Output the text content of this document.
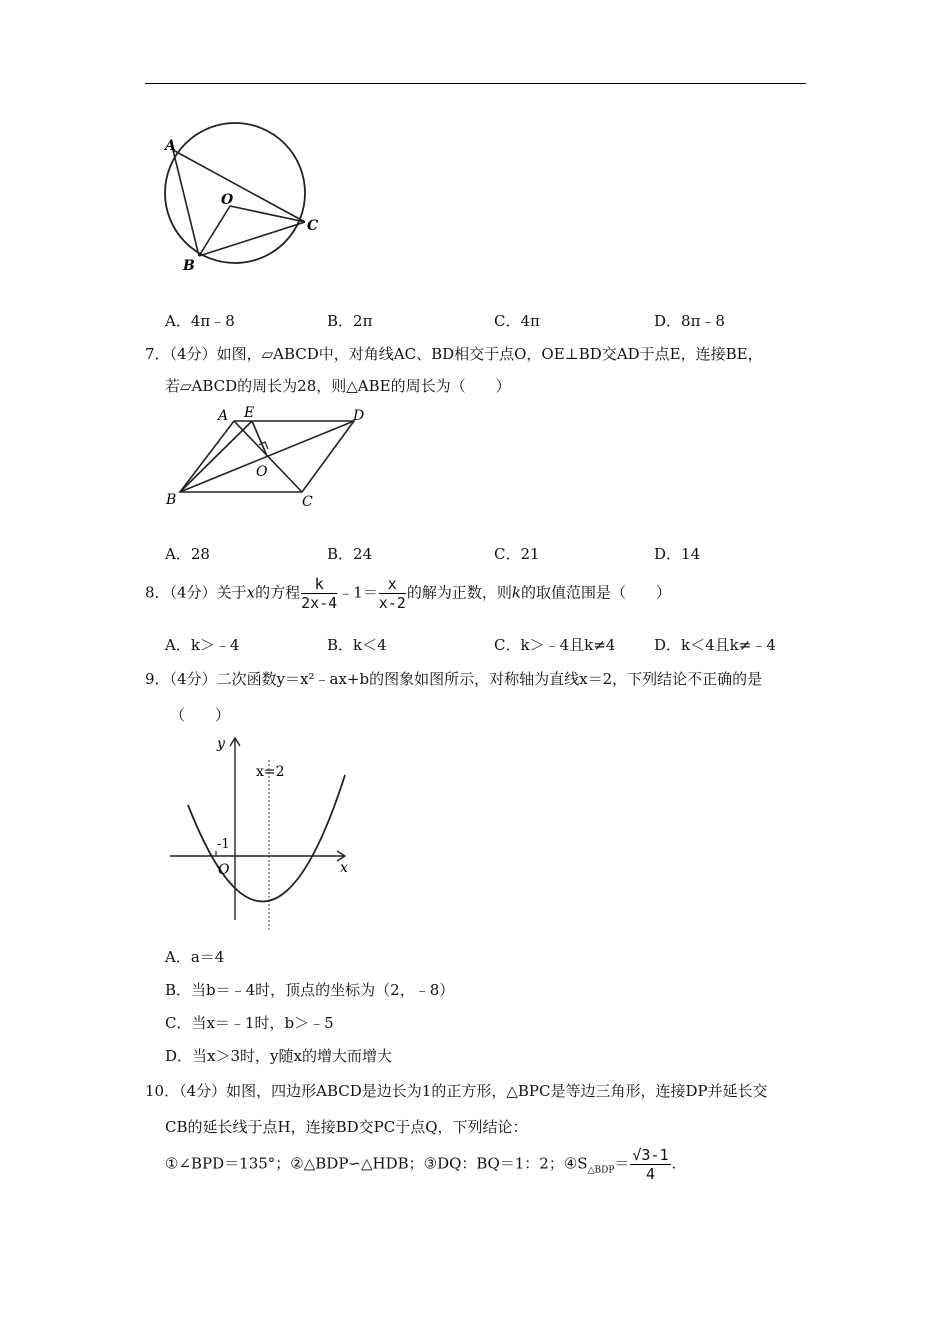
A
O
B
C
A．4π﹣8	B．2π	C．4π	D．8π﹣8
7．（4分）如图，▱ABCD中，对角线AC、BD相交于点O，OE⊥BD交AD于点E，连接BE，
若▱ABCD的周长为28，则△ABE的周长为（　　）
A E	D
O
B	C
A．28	B．24	C．21	D．14
8．（4分）关于x的方程 $\frac{k}{2x-4}$ ﹣1＝ $\frac{x}{x-2}$ 的解为正数，则k的取值范围是（　　）
A．k＞﹣4	B．k＜4	C．k＞﹣4且k≠4	D．k＜4且k≠﹣4
9．（4分）二次函数y＝x²﹣ax+b的图象如图所示，对称轴为直线x＝2，下列结论不正确的是
（　　）
y
x
x=2
-1
O
A．a＝4
B．当b＝﹣4时，顶点的坐标为（2，﹣8）
C．当x＝﹣1时，b＞﹣5
D．当x＞3时，y随x的增大而增大
10．（4分）如图，四边形ABCD是边长为1的正方形，△BPC是等边三角形，连接DP并延长交
CB的延长线于点H，连接BD交PC于点Q，下列结论：
①∠BPD＝135°；②△BDP∽△HDB；③DQ：BQ＝1：2；$④S_{\triangle BDP}= \frac{√3-1}{4}$ .
